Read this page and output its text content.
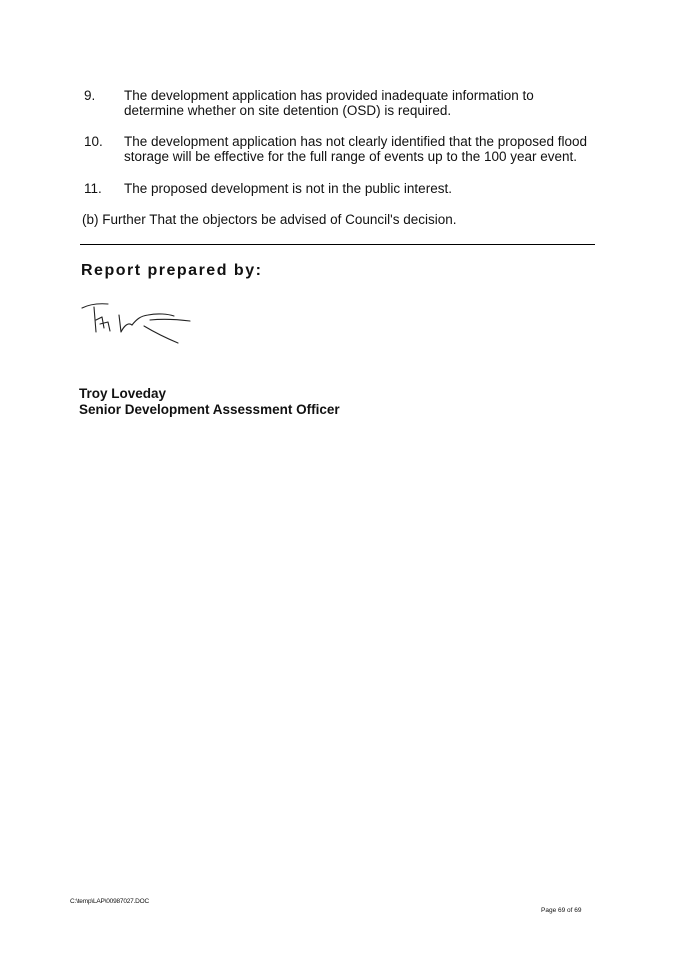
9. The development application has provided inadequate information to
determine whether on site detention (OSD) is required.
10. The development application has not clearly identified that the proposed flood
storage will be effective for the full range of events up to the 100 year event.
11. The proposed development is not in the public interest.
(b) Further That the objectors be advised of Council's decision.
Report prepared by:
Troy Loveday
Senior Development Assessment Officer
C:\temp\LAP\00987027.DOC
Page 69 of 69
